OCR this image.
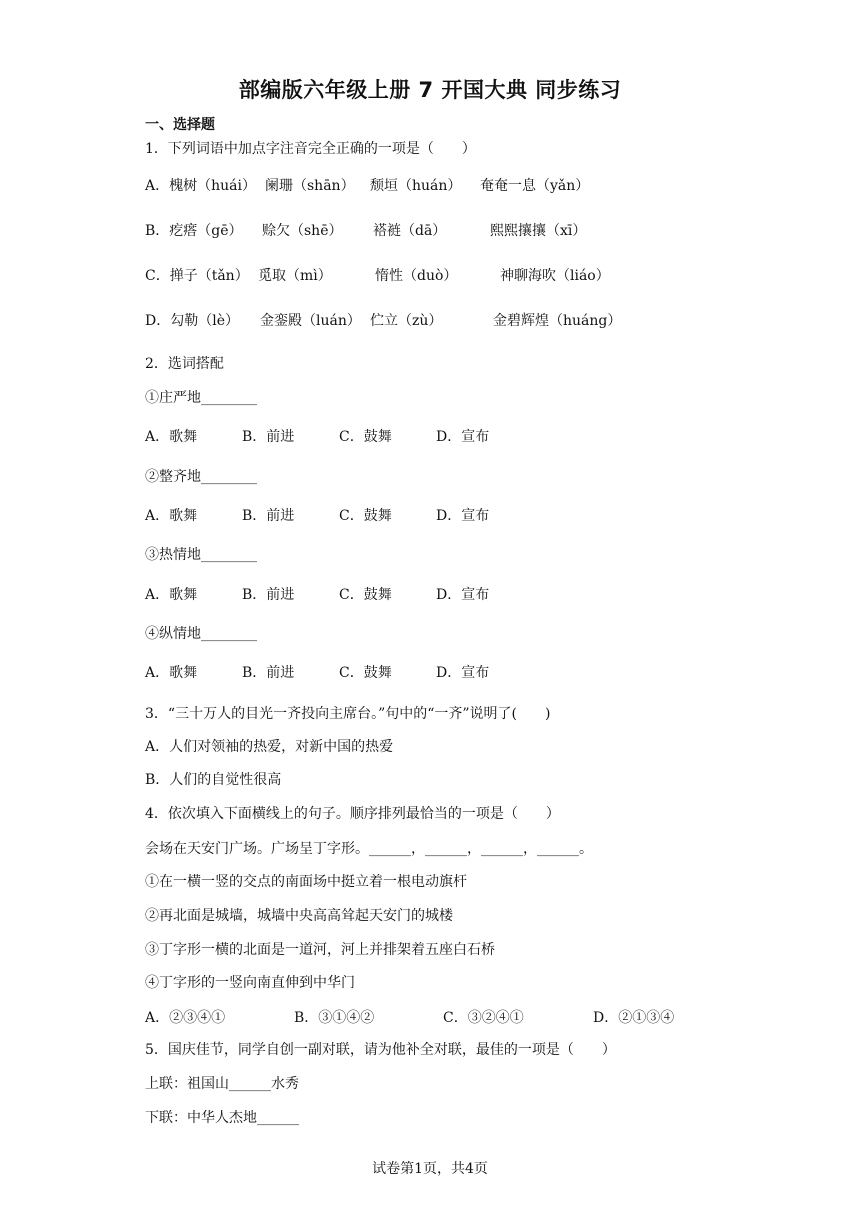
部编版六年级上册 7 开国大典 同步练习
一、选择题
1．下列词语中加点字注音完全正确的一项是（　　）
A．槐树（huái） 阑珊（shān） 颓垣（huán） 奄奄一息（yǎn）
B．疙瘩（gē） 赊欠（shē） 褡裢（dā）	熙熙攘攘（xī）
C．掸子（tǎn） 觅取（mì）	惰性（duò）	神聊海吹（liáo）
D．勾勒（lè） 金銮殿（luán） 伫立（zù）	金碧辉煌（huáng）
2．选词搭配
①庄严地________
A．歌舞	B．前进	C．鼓舞	D．宣布
②整齐地________
A．歌舞	B．前进	C．鼓舞	D．宣布
③热情地________
A．歌舞	B．前进	C．鼓舞	D．宣布
④纵情地________
A．歌舞	B．前进	C．鼓舞	D．宣布
3．“三十万人的目光一齐投向主席台。”句中的“一齐”说明了(　　)
A．人们对领袖的热爱，对新中国的热爱
B．人们的自觉性很高
4．依次填入下面横线上的句子。顺序排列最恰当的一项是（　　）
会场在天安门广场。广场呈丁字形。______，______，______，______。
①在一横一竖的交点的南面场中挺立着一根电动旗杆
②再北面是城墙，城墙中央高高耸起天安门的城楼
③丁字形一横的北面是一道河，河上并排架着五座白石桥
④丁字形的一竖向南直伸到中华门
A．②③④①	B．③①④②	C．③②④①	D．②①③④
5．国庆佳节，同学自创一副对联，请为他补全对联，最佳的一项是（　　）
上联：祖国山______水秀
下联：中华人杰地______
试卷第1页，共4页
